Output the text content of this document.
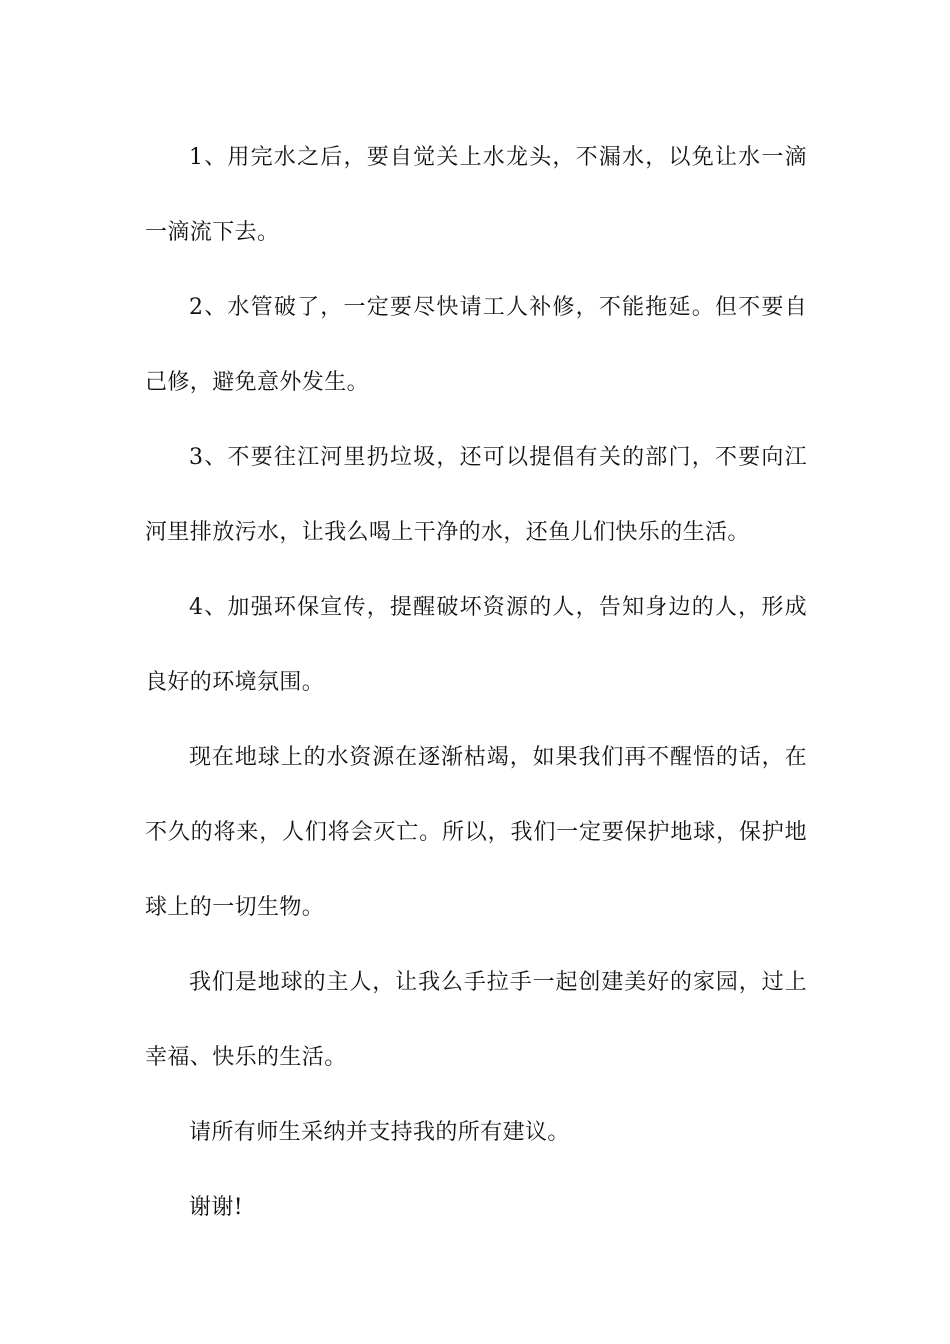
1、用完水之后，要自觉关上水龙头，不漏水，以免让水一滴一滴流下去。

2、水管破了，一定要尽快请工人补修，不能拖延。但不要自己修，避免意外发生。

3、不要往江河里扔垃圾，还可以提倡有关的部门，不要向江河里排放污水，让我么喝上干净的水，还鱼儿们快乐的生活。

4、加强环保宣传，提醒破坏资源的人，告知身边的人，形成良好的环境氛围。

现在地球上的水资源在逐渐枯竭，如果我们再不醒悟的话，在不久的将来，人们将会灭亡。所以，我们一定要保护地球，保护地球上的一切生物。

我们是地球的主人，让我么手拉手一起创建美好的家园，过上幸福、快乐的生活。

请所有师生采纳并支持我的所有建议。

谢谢!
